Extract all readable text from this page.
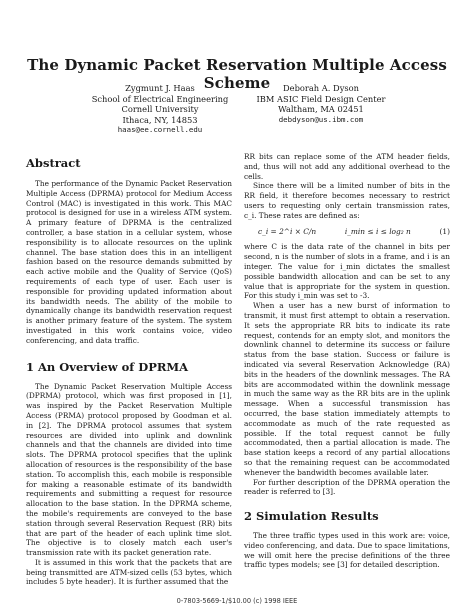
The Dynamic Packet Reservation Multiple Access Scheme
Zygmunt J. Haas
School of Electrical Engineering
Cornell University
Ithaca, NY, 14853
haas@ee.cornell.edu
Deborah A. Dyson
IBM ASIC Field Design Center
Waltham, MA 02451
debdyson@us.ibm.com
Abstract

The performance of the Dynamic Packet Reservation Multiple Access (DPRMA) protocol for Medium Access Control (MAC) is investigated in this work. This MAC protocol is designed for use in a wireless ATM system. A primary feature of DPRMA is the centralized controller, a base station in a cellular system, whose responsibility is to allocate resources on the uplink channel. The base station does this in an intelligent fashion based on the resource demands submitted by each active mobile and the Quality of Service (QoS) requirements of each type of user. Each user is responsible for providing updated information about its bandwidth needs. The ability of the mobile to dynamically change its bandwidth reservation request is another primary feature of the system. The system investigated in this work contains voice, video conferencing, and data traffic.

1 An Overview of DPRMA

The Dynamic Packet Reservation Multiple Access (DPRMA) protocol, which was first proposed in [1], was inspired by the Packet Reservation Multiple Access (PRMA) protocol proposed by Goodman et al. in [2]. The DPRMA protocol assumes that system resources are divided into uplink and downlink channels and that the channels are divided into time slots. The DPRMA protocol specifies that the uplink allocation of resources is the responsibility of the base station. To accomplish this, each mobile is responsible for making a reasonable estimate of its bandwidth requirements and submitting a request for resource allocation to the base station. In the DPRMA scheme, the mobile's requirements are conveyed to the base station through several Reservation Request (RR) bits that are part of the header of each uplink time slot. The objective is to closely match each user's transmission rate with its packet generation rate.

It is assumed in this work that the packets that are being transmitted are ATM-sized cells (53 bytes, which includes 5 byte header). It is further assumed that the

RR bits can replace some of the ATM header fields, and, thus will not add any additional overhead to the cells.

Since there will be a limited number of bits in the RR field, it therefore becomes necessary to restrict users to requesting only certain transmission rates, c_i. These rates are defined as:

c_i = 2^i × C/n	i_min ≤ i ≤ log₂ n	(1)

where C is the data rate of the channel in bits per second, n is the number of slots in a frame, and i is an integer. The value for i_min dictates the smallest possible bandwidth allocation and can be set to any value that is appropriate for the system in question. For this study i_min was set to -3.

When a user has a new burst of information to transmit, it must first attempt to obtain a reservation. It sets the appropriate RR bits to indicate its rate request, contends for an empty slot, and monitors the downlink channel to determine its success or failure status from the base station. Success or failure is indicated via several Reservation Acknowledge (RA) bits in the headers of the downlink messages. The RA bits are accommodated within the downlink message in much the same way as the RR bits are in the uplink message. When a successful transmission has occurred, the base station immediately attempts to accommodate as much of the rate requested as possible. If the total request cannot be fully accommodated, then a partial allocation is made. The base station keeps a record of any partial allocations so that the remaining request can be accommodated whenever the bandwidth becomes available later.

For further description of the DPRMA operation the reader is referred to [3].

2 Simulation Results

The three traffic types used in this work are: voice, video conferencing, and data. Due to space limitations, we will omit here the precise definitions of the three traffic types models; see [3] for detailed description.

0-7803-5669-1/$10.00 (c) 1998 IEEE
